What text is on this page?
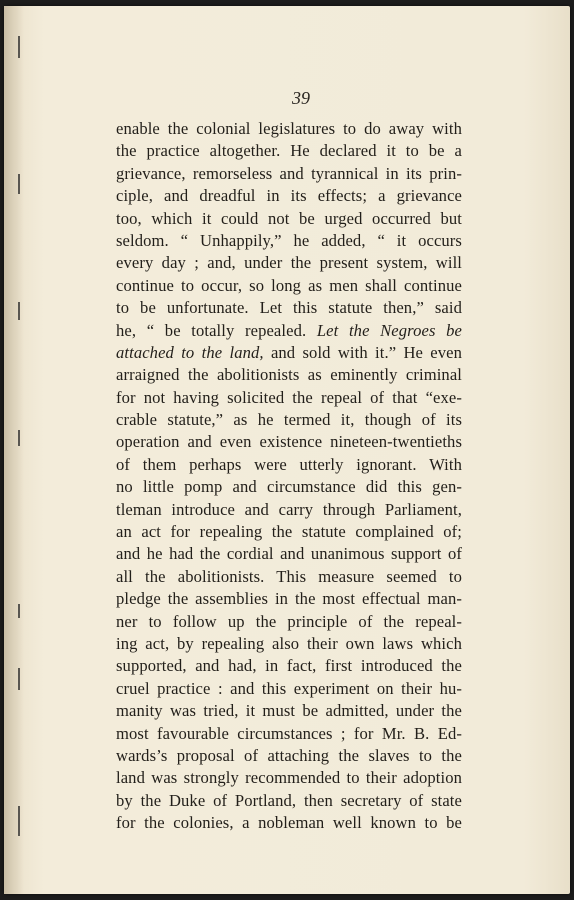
39
enable the colonial legislatures to do away with
the practice altogether. He declared it to be a
grievance, remorseless and tyrannical in its prin-
ciple, and dreadful in its effects; a grievance
too, which it could not be urged occurred but
seldom. “ Unhappily,” he added, “ it occurs
every day ; and, under the present system, will
continue to occur, so long as men shall continue
to be unfortunate. Let this statute then,” said
he, “ be totally repealed. Let the Negroes be
attached to the land, and sold with it.” He even
arraigned the abolitionists as eminently criminal
for not having solicited the repeal of that “exe-
crable statute,” as he termed it, though of its
operation and even existence nineteen-twentieths
of them perhaps were utterly ignorant. With
no little pomp and circumstance did this gen-
tleman introduce and carry through Parliament,
an act for repealing the statute complained of;
and he had the cordial and unanimous support of
all the abolitionists. This measure seemed to
pledge the assemblies in the most effectual man-
ner to follow up the principle of the repeal-
ing act, by repealing also their own laws which
supported, and had, in fact, first introduced the
cruel practice : and this experiment on their hu-
manity was tried, it must be admitted, under the
most favourable circumstances ; for Mr. B. Ed-
wards’s proposal of attaching the slaves to the
land was strongly recommended to their adoption
by the Duke of Portland, then secretary of state
for the colonies, a nobleman well known to be
